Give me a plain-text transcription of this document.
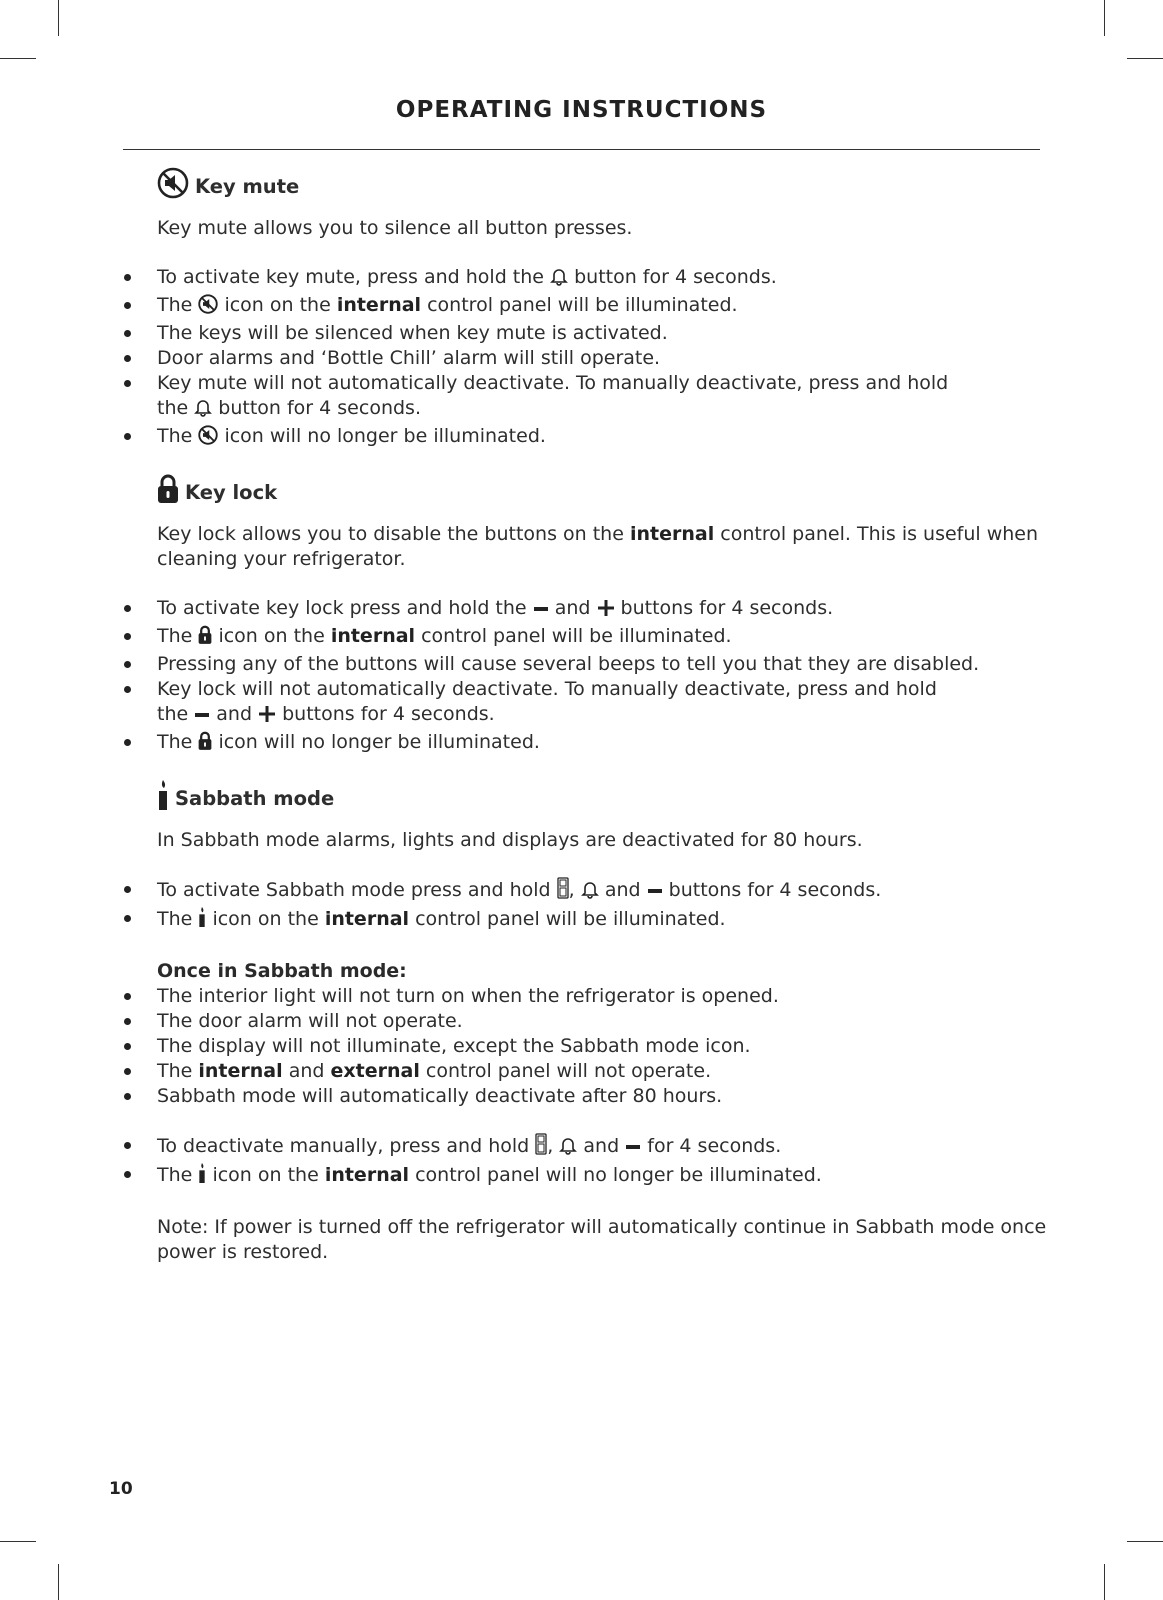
OPERATING INSTRUCTIONS
Key mute
Key mute allows you to silence all button presses.
To activate key mute, press and hold the button for 4 seconds.
The icon on the internal control panel will be illuminated.
The keys will be silenced when key mute is activated.
Door alarms and ‘Bottle Chill’ alarm will still operate.
Key mute will not automatically deactivate. To manually deactivate, press and hold
the button for 4 seconds.
The icon will no longer be illuminated.
Key lock
Key lock allows you to disable the buttons on the internal control panel. This is useful when cleaning your refrigerator.
To activate key lock press and hold the and buttons for 4 seconds.
The icon on the internal control panel will be illuminated.
Pressing any of the buttons will cause several beeps to tell you that they are disabled.
Key lock will not automatically deactivate. To manually deactivate, press and hold
the and buttons for 4 seconds.
The icon will no longer be illuminated.
Sabbath mode
In Sabbath mode alarms, lights and displays are deactivated for 80 hours.
To activate Sabbath mode press and hold , and buttons for 4 seconds.
The icon on the internal control panel will be illuminated.
Once in Sabbath mode:
The interior light will not turn on when the refrigerator is opened.
The door alarm will not operate.
The display will not illuminate, except the Sabbath mode icon.
The internal and external control panel will not operate.
Sabbath mode will automatically deactivate after 80 hours.
To deactivate manually, press and hold , and for 4 seconds.
The icon on the internal control panel will no longer be illuminated.
Note: If power is turned off the refrigerator will automatically continue in Sabbath mode once power is restored.
10
